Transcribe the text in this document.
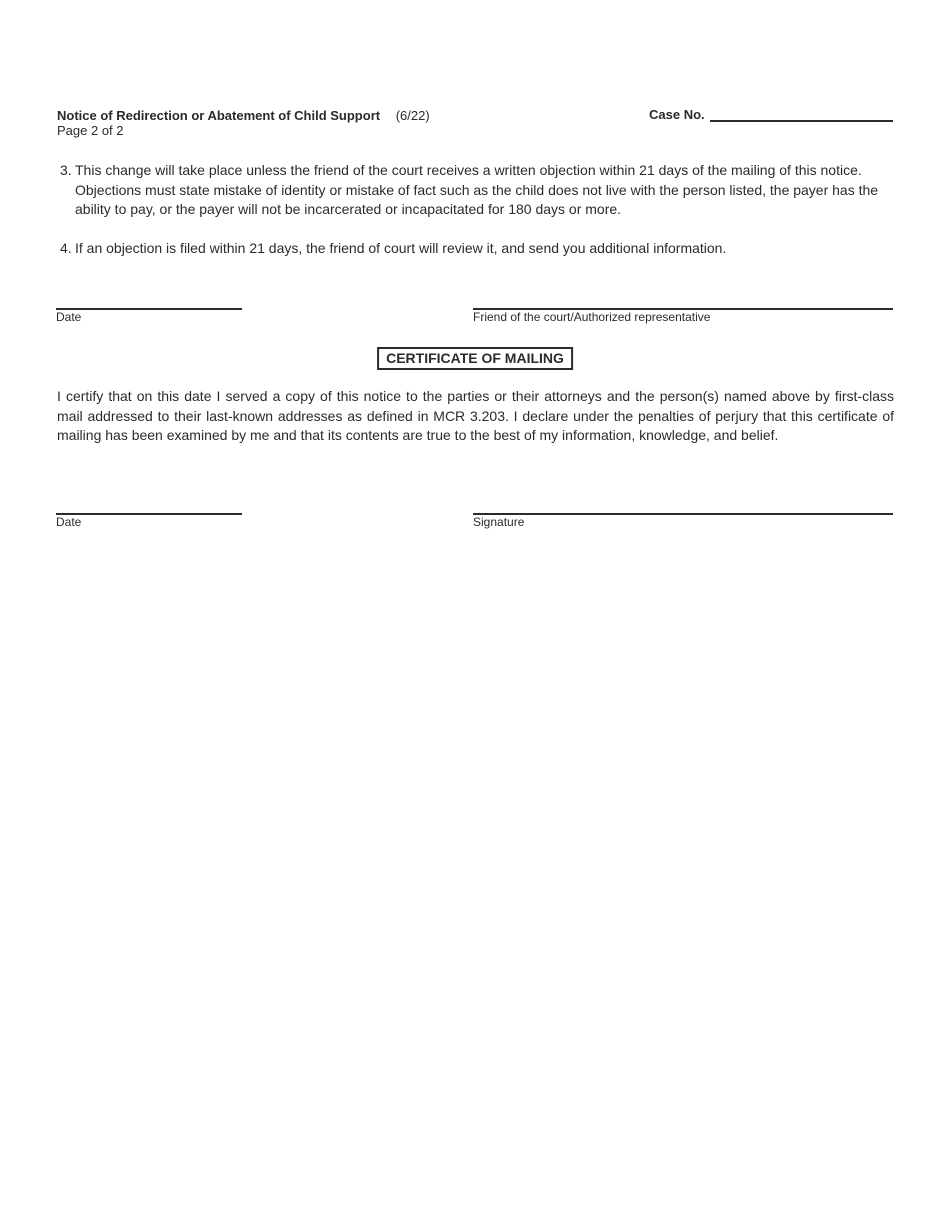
Notice of Redirection or Abatement of Child Support (6/22)
Page 2 of 2
Case No.
3. This change will take place unless the friend of the court receives a written objection within 21 days of the mailing of this notice. Objections must state mistake of identity or mistake of fact such as the child does not live with the person listed, the payer has the ability to pay, or the payer will not be incarcerated or incapacitated for 180 days or more.
4. If an objection is filed within 21 days, the friend of court will review it, and send you additional information.
Date	Friend of the court/Authorized representative
CERTIFICATE OF MAILING
I certify that on this date I served a copy of this notice to the parties or their attorneys and the person(s) named above by first-class mail addressed to their last-known addresses as defined in MCR 3.203. I declare under the penalties of perjury that this certificate of mailing has been examined by me and that its contents are true to the best of my information, knowledge, and belief.
Date	Signature
